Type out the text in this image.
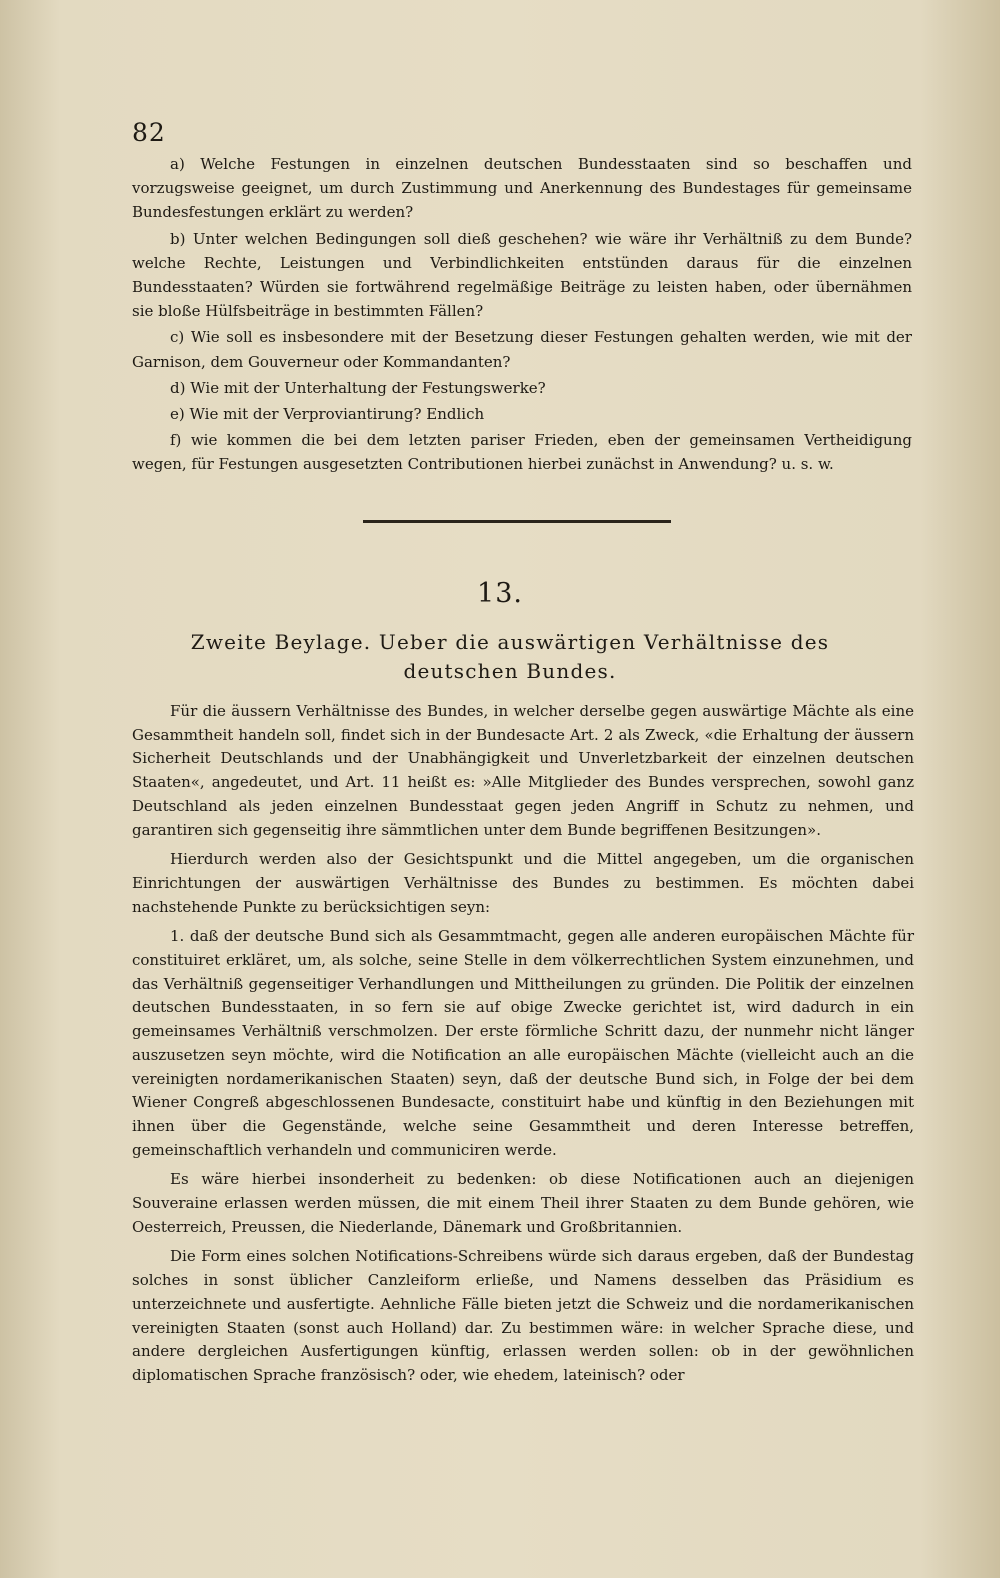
82

a) Welche Festungen in einzelnen deutschen Bundesstaaten sind so beschaffen und vorzugsweise geeignet, um durch Zustimmung und Anerkennung des Bundestages für gemeinsame Bundesfestungen erklärt zu werden?

b) Unter welchen Bedingungen soll dieß geschehen? wie wäre ihr Verhältniß zu dem Bunde? welche Rechte, Leistungen und Verbindlichkeiten entstünden daraus für die einzelnen Bundesstaaten? Würden sie fortwährend regelmäßige Beiträge zu leisten haben, oder übernähmen sie bloße Hülfsbeiträge in bestimmten Fällen?

c) Wie soll es insbesondere mit der Besetzung dieser Festungen gehalten werden, wie mit der Garnison, dem Gouverneur oder Kommandanten?

d) Wie mit der Unterhaltung der Festungswerke?

e) Wie mit der Verproviantirung? Endlich

f) wie kommen die bei dem letzten pariser Frieden, eben der gemeinsamen Vertheidigung wegen, für Festungen ausgesetzten Contributionen hierbei zunächst in Anwendung? u. s. w.

13.
Zweite Beylage. Ueber die auswärtigen Verhältnisse des
deutschen Bundes.

Für die äussern Verhältnisse des Bundes, in welcher derselbe gegen auswärtige Mächte als eine Gesammtheit handeln soll, findet sich in der Bundesacte Art. 2 als Zweck, «die Erhaltung der äussern Sicherheit Deutschlands und der Unabhängigkeit und Unverletzbarkeit der einzelnen deutschen Staaten«, angedeutet, und Art. 11 heißt es: »Alle Mitglieder des Bundes versprechen, sowohl ganz Deutschland als jeden einzelnen Bundesstaat gegen jeden Angriff in Schutz zu nehmen, und garantiren sich gegenseitig ihre sämmtlichen unter dem Bunde begriffenen Besitzungen».

Hierdurch werden also der Gesichtspunkt und die Mittel angegeben, um die organischen Einrichtungen der auswärtigen Verhältnisse des Bundes zu bestimmen. Es möchten dabei nachstehende Punkte zu berücksichtigen seyn:

1. daß der deutsche Bund sich als Gesammtmacht, gegen alle anderen europäischen Mächte für constituiret erkläret, um, als solche, seine Stelle in dem völkerrechtlichen System einzunehmen, und das Verhältniß gegenseitiger Verhandlungen und Mittheilungen zu gründen. Die Politik der einzelnen deutschen Bundesstaaten, in so fern sie auf obige Zwecke gerichtet ist, wird dadurch in ein gemeinsames Verhältniß verschmolzen. Der erste förmliche Schritt dazu, der nunmehr nicht länger auszusetzen seyn möchte, wird die Notification an alle europäischen Mächte (vielleicht auch an die vereinigten nordamerikanischen Staaten) seyn, daß der deutsche Bund sich, in Folge der bei dem Wiener Congreß abgeschlossenen Bundesacte, constituirt habe und künftig in den Beziehungen mit ihnen über die Gegenstände, welche seine Gesammtheit und deren Interesse betreffen, gemeinschaftlich verhandeln und communiciren werde.

Es wäre hierbei insonderheit zu bedenken: ob diese Notificationen auch an diejenigen Souveraine erlassen werden müssen, die mit einem Theil ihrer Staaten zu dem Bunde gehören, wie Oesterreich, Preussen, die Niederlande, Dänemark und Großbritannien.

Die Form eines solchen Notifications-Schreibens würde sich daraus ergeben, daß der Bundestag solches in sonst üblicher Canzleiform erließe, und Namens desselben das Präsidium es unterzeichnete und ausfertigte. Aehnliche Fälle bieten jetzt die Schweiz und die nordamerikanischen vereinigten Staaten (sonst auch Holland) dar. Zu bestimmen wäre: in welcher Sprache diese, und andere dergleichen Ausfertigungen künftig, erlassen werden sollen: ob in der gewöhnlichen diplomatischen Sprache französisch? oder, wie ehedem, lateinisch? oder
